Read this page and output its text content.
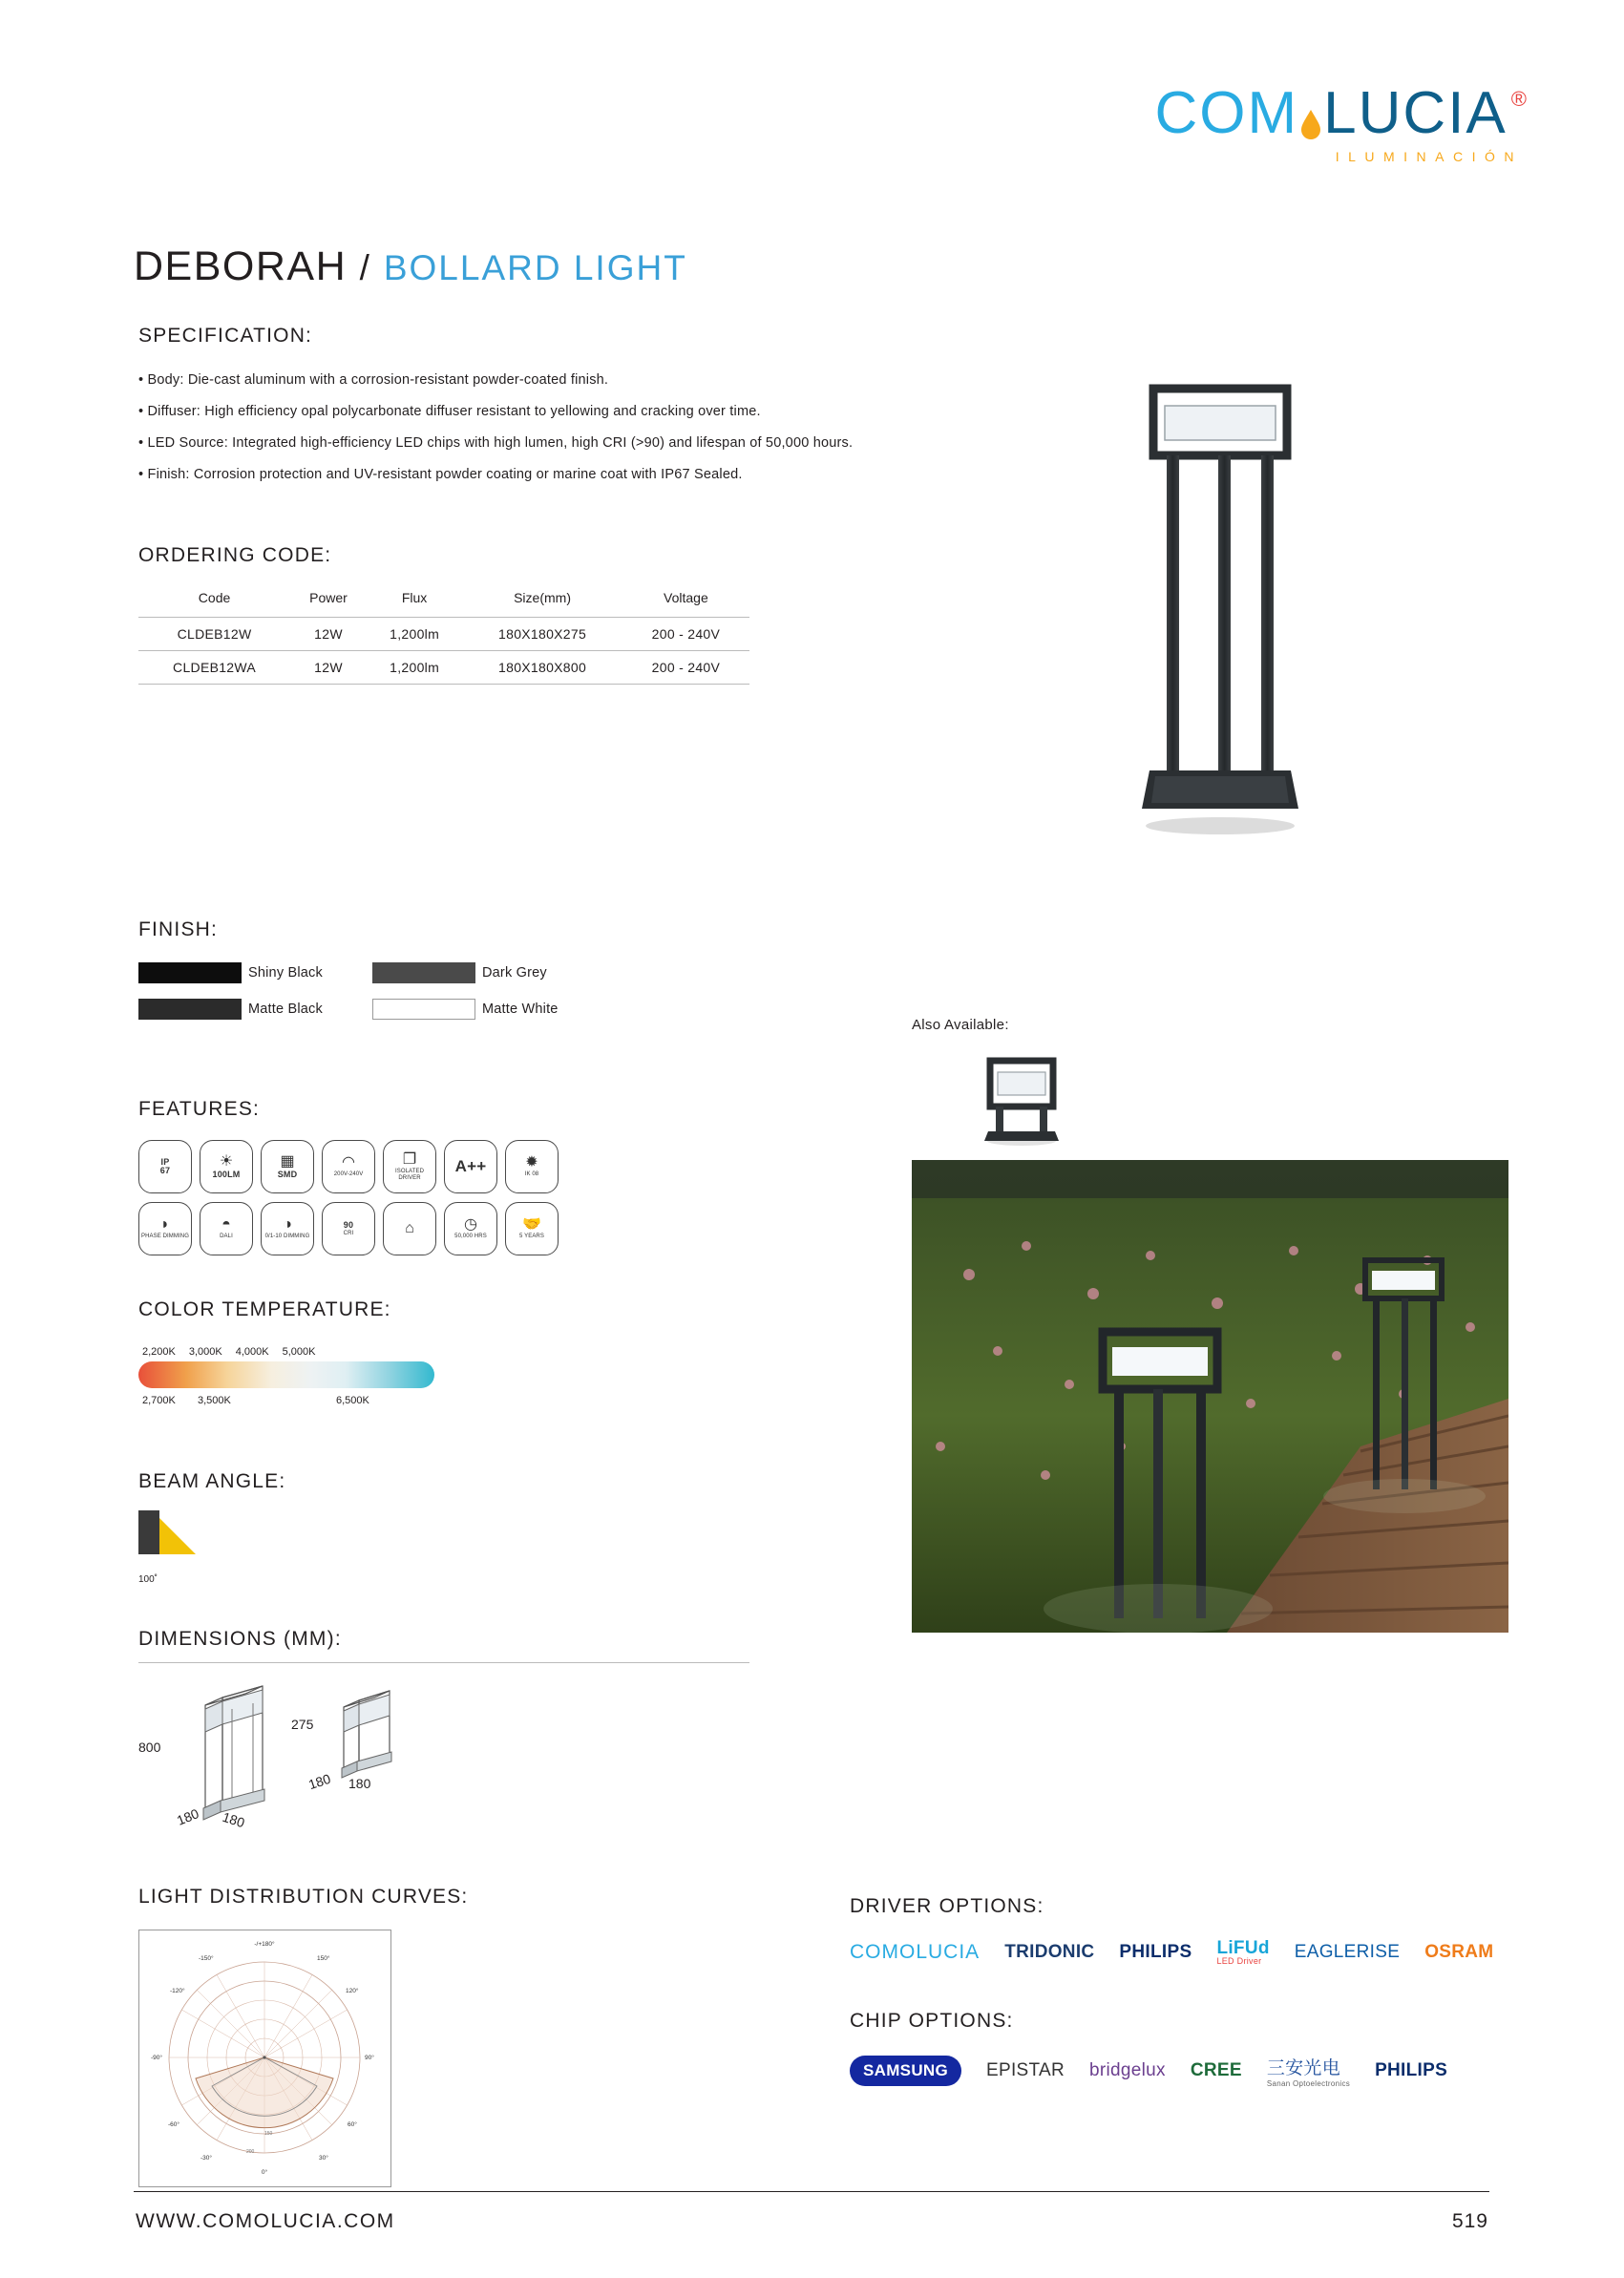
COM LUCIA ®
ILUMINACIÓN
DEBORAH / BOLLARD LIGHT
SPECIFICATION:
• Body: Die-cast aluminum with a corrosion-resistant powder-coated finish.
• Diffuser: High efficiency opal polycarbonate diffuser resistant to yellowing and cracking over time.
• LED Source: Integrated high-efficiency LED chips with high lumen, high CRI (>90) and lifespan of 50,000 hours.
• Finish: Corrosion protection and UV-resistant powder coating or marine coat with IP67 Sealed.
ORDERING CODE:
Code	Power	Flux	Size(mm)	Voltage
CLDEB12W	12W	1,200lm	180X180X275	200 - 240V
CLDEB12WA	12W	1,200lm	180X180X800	200 - 240V
FINISH:
Shiny Black	Dark Grey
Matte Black	Matte White
FEATURES:
IP
67
☀
100LM
▦
SMD
◠
200V-240V
❐
ISOLATED DRIVER
A++	✹
IK 08
◗
PHASE DIMMING
◓
DALI
◑
0/1-10 DIMMING
90
CRI	⌂	◷
50,000 HRS
🤝
5 YEARS
COLOR TEMPERATURE:
2,200K 3,000K 4,000K 5,000K
2,700K	3,500K	6,500K
BEAM ANGLE:
100˚
DIMENSIONS (MM):
800
180 180
275
180 180
LIGHT DISTRIBUTION CURVES:
-/+180°
-150°	150°
-120°	120°
-90°	90°
-60°	60°
-30°	30°
0°
200
150
Also Available:
DRIVER OPTIONS:
COMOLUCIA TRIDONIC PHILIPS LiFUd
LED Driver	EAGLERISE OSRAM
CHIP OPTIONS:
SAMSUNG	EPISTAR bridgelux CREE 三安光电
Sanan Optoelectronics
PHILIPS
WWW.COMOLUCIA.COM	519
